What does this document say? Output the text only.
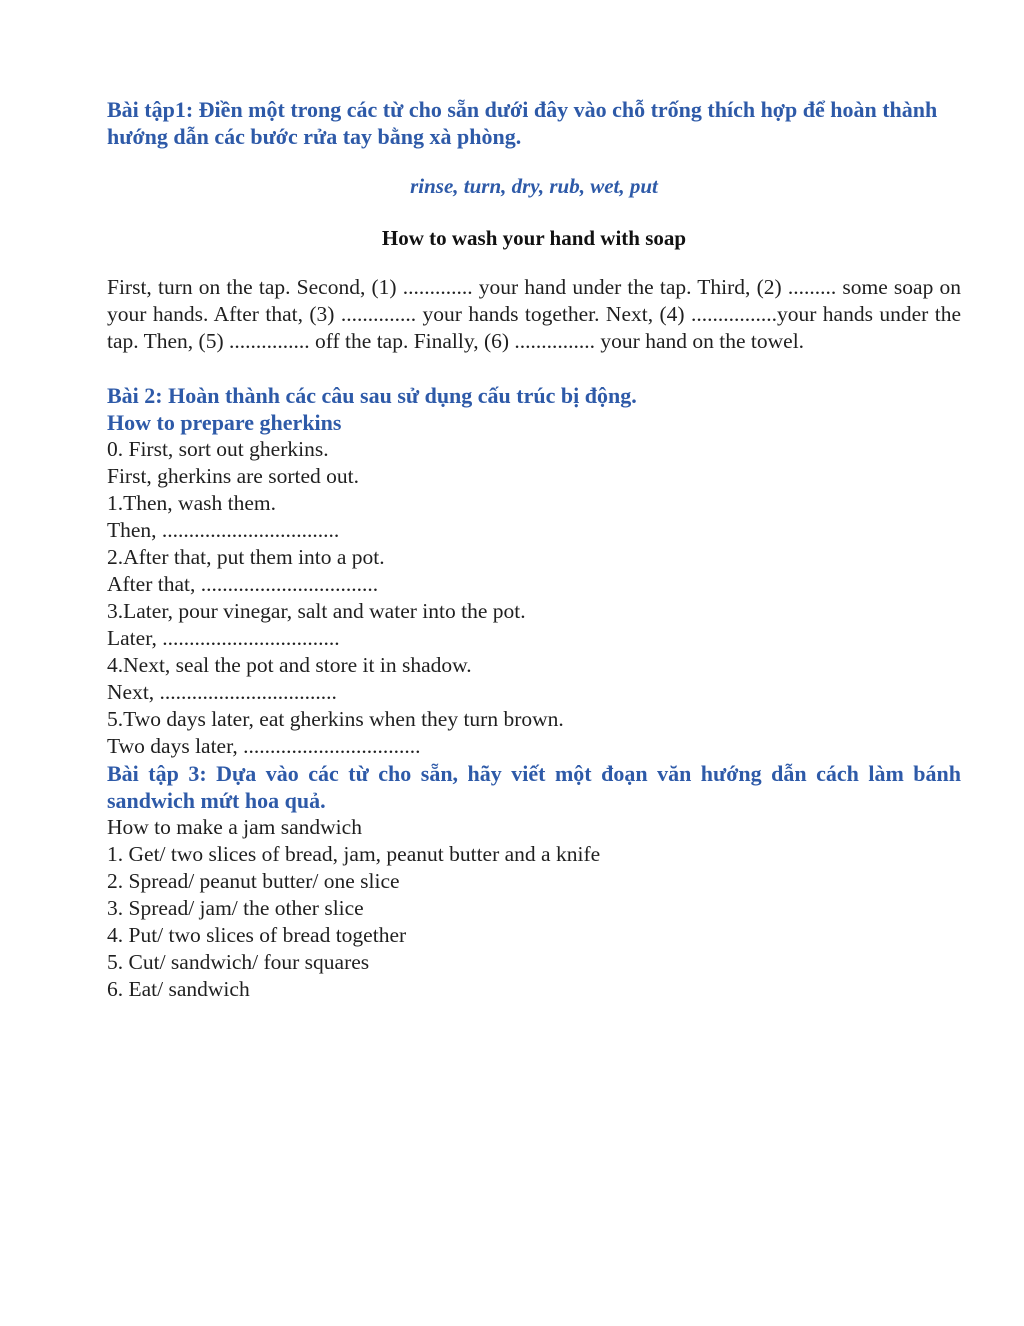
Bài tập1: Điền một trong các từ cho sẵn dưới đây vào chỗ trống thích hợp để hoàn thành hướng dẫn các bước rửa tay bằng xà phòng.

rinse, turn, dry, rub, wet, put
How to wash your hand with soap

First, turn on the tap. Second, (1) ............. your hand under the tap. Third, (2) ......... some soap on your hands. After that, (3) .............. your hands together. Next, (4) ................your hands under the tap. Then, (5) ............... off the tap. Finally, (6) ............... your hand on the towel.

Bài 2: Hoàn thành các câu sau sử dụng cấu trúc bị động.
How to prepare gherkins
0. First, sort out gherkins.
First, gherkins are sorted out.
1.Then, wash them.
Then, .................................
2.After that, put them into a pot.
After that, .................................
3.Later, pour vinegar, salt and water into the pot.
Later, .................................
4.Next, seal the pot and store it in shadow.
Next, .................................
5.Two days later, eat gherkins when they turn brown.
Two days later, .................................
Bài tập 3: Dựa vào các từ cho sẵn, hãy viết một đoạn văn hướng dẫn cách làm bánh sandwich mứt hoa quả.
How to make a jam sandwich
1. Get/ two slices of bread, jam, peanut butter and a knife
2. Spread/ peanut butter/ one slice
3. Spread/ jam/ the other slice
4. Put/ two slices of bread together
5. Cut/ sandwich/ four squares
6. Eat/ sandwich
